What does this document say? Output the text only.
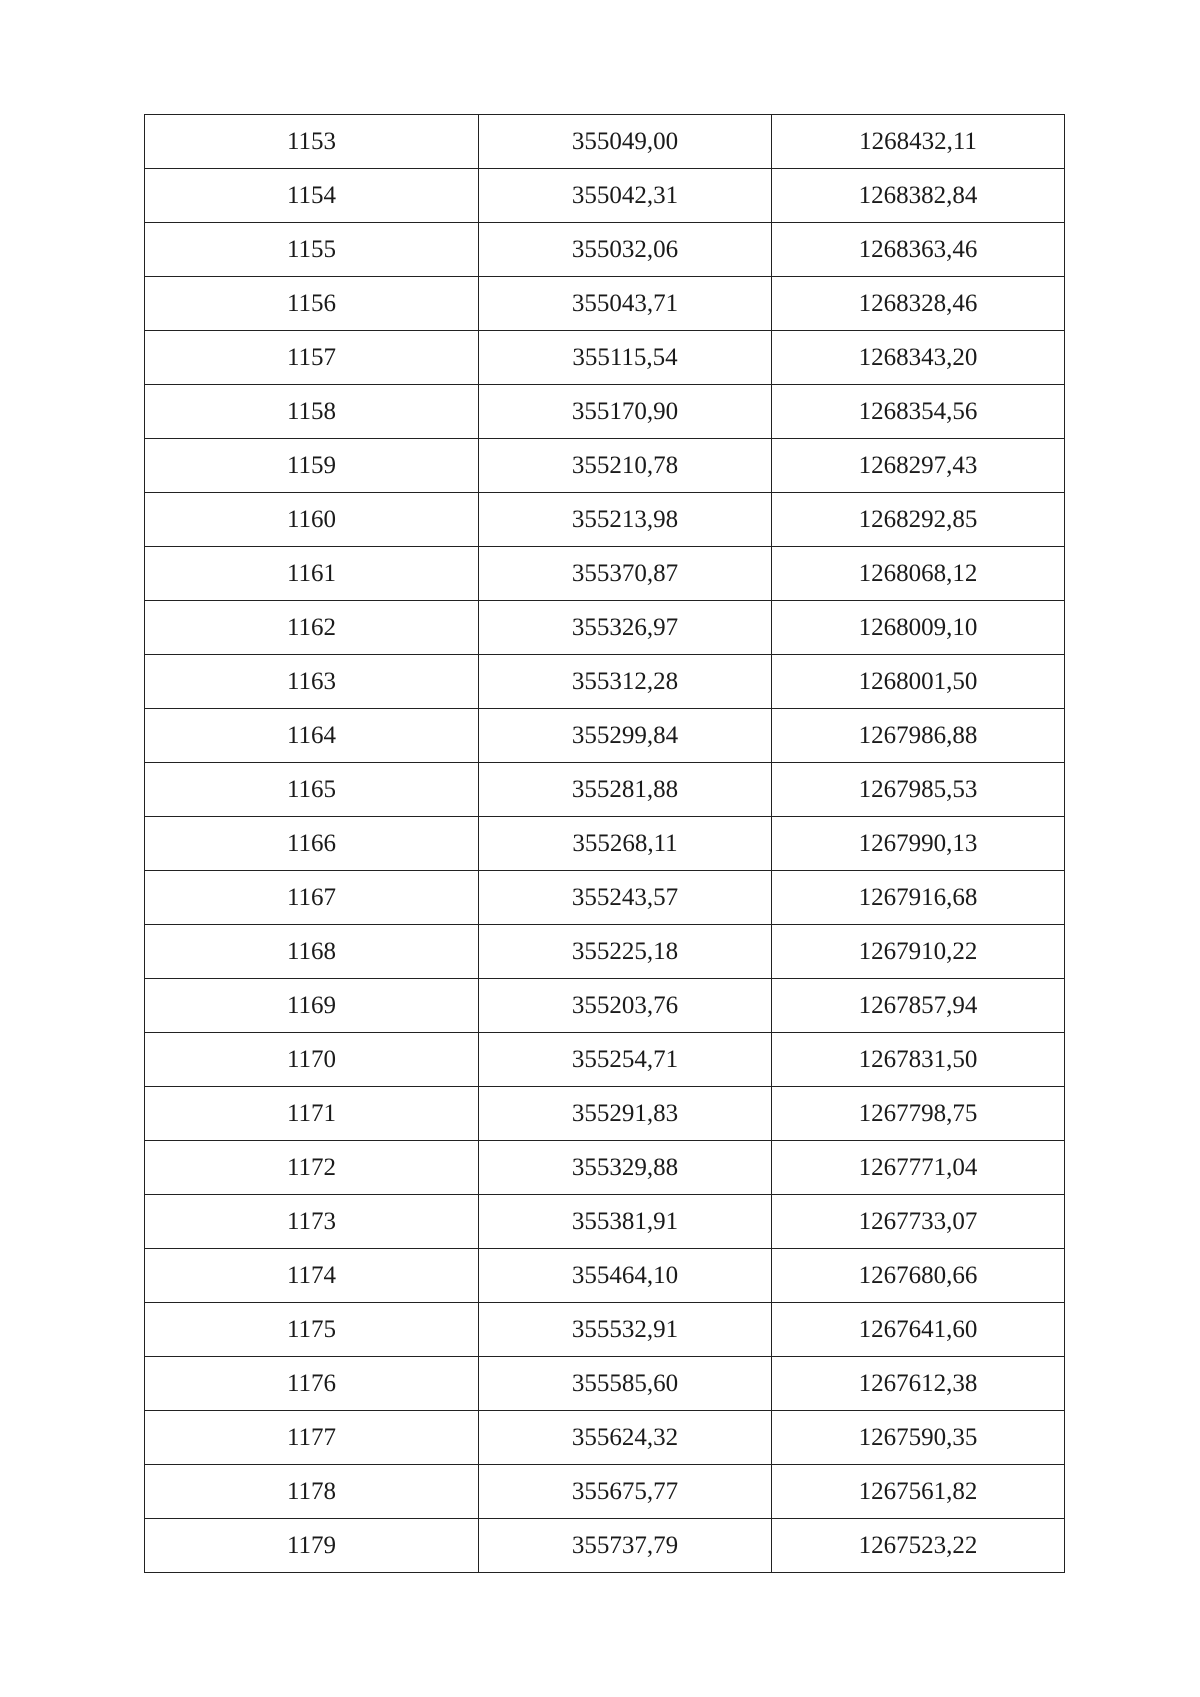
1153	355049,00	1268432,11
1154	355042,31	1268382,84
1155	355032,06	1268363,46
1156	355043,71	1268328,46
1157	355115,54	1268343,20
1158	355170,90	1268354,56
1159	355210,78	1268297,43
1160	355213,98	1268292,85
1161	355370,87	1268068,12
1162	355326,97	1268009,10
1163	355312,28	1268001,50
1164	355299,84	1267986,88
1165	355281,88	1267985,53
1166	355268,11	1267990,13
1167	355243,57	1267916,68
1168	355225,18	1267910,22
1169	355203,76	1267857,94
1170	355254,71	1267831,50
1171	355291,83	1267798,75
1172	355329,88	1267771,04
1173	355381,91	1267733,07
1174	355464,10	1267680,66
1175	355532,91	1267641,60
1176	355585,60	1267612,38
1177	355624,32	1267590,35
1178	355675,77	1267561,82
1179	355737,79	1267523,22
